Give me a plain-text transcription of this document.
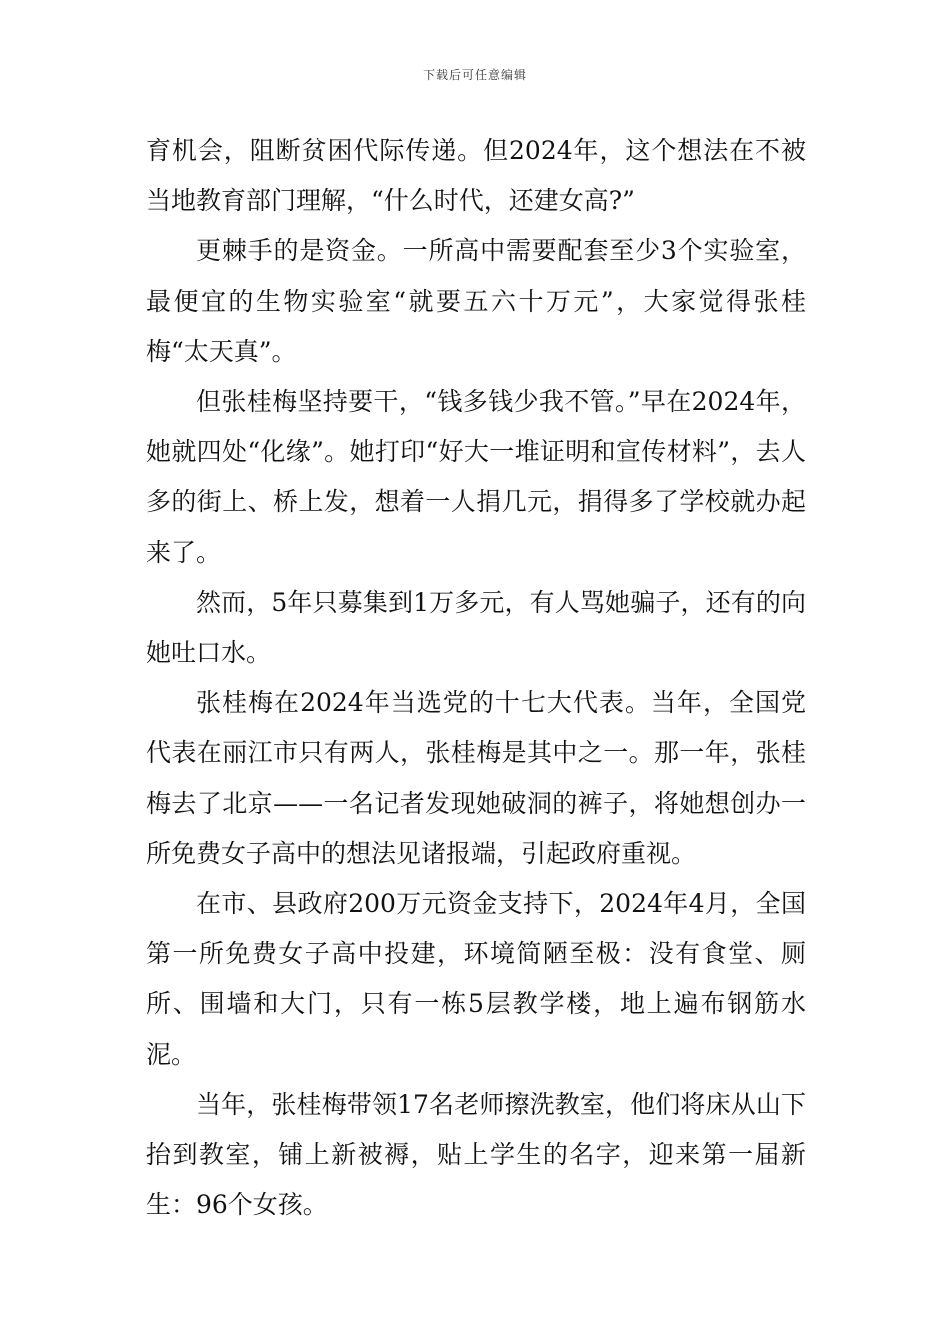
下载后可任意编辑

育机会，阻断贫困代际传递。但2024年，这个想法在不被当地教育部门理解，“什么时代，还建女高?”

更棘手的是资金。一所高中需要配套至少3个实验室，最便宜的生物实验室“就要五六十万元”，大家觉得张桂梅“太天真”。

但张桂梅坚持要干，“钱多钱少我不管。”早在2024年，她就四处“化缘”。她打印“好大一堆证明和宣传材料”，去人多的街上、桥上发，想着一人捐几元，捐得多了学校就办起来了。

然而，5年只募集到1万多元，有人骂她骗子，还有的向她吐口水。

张桂梅在2024年当选党的十七大代表。当年，全国党代表在丽江市只有两人，张桂梅是其中之一。那一年，张桂梅去了北京——一名记者发现她破洞的裤子，将她想创办一所免费女子高中的想法见诸报端，引起政府重视。

在市、县政府200万元资金支持下，2024年4月，全国第一所免费女子高中投建，环境简陋至极：没有食堂、厕所、围墙和大门，只有一栋5层教学楼，地上遍布钢筋水泥。

当年，张桂梅带领17名老师擦洗教室，他们将床从山下抬到教室，铺上新被褥，贴上学生的名字，迎来第一届新生：96个女孩。
